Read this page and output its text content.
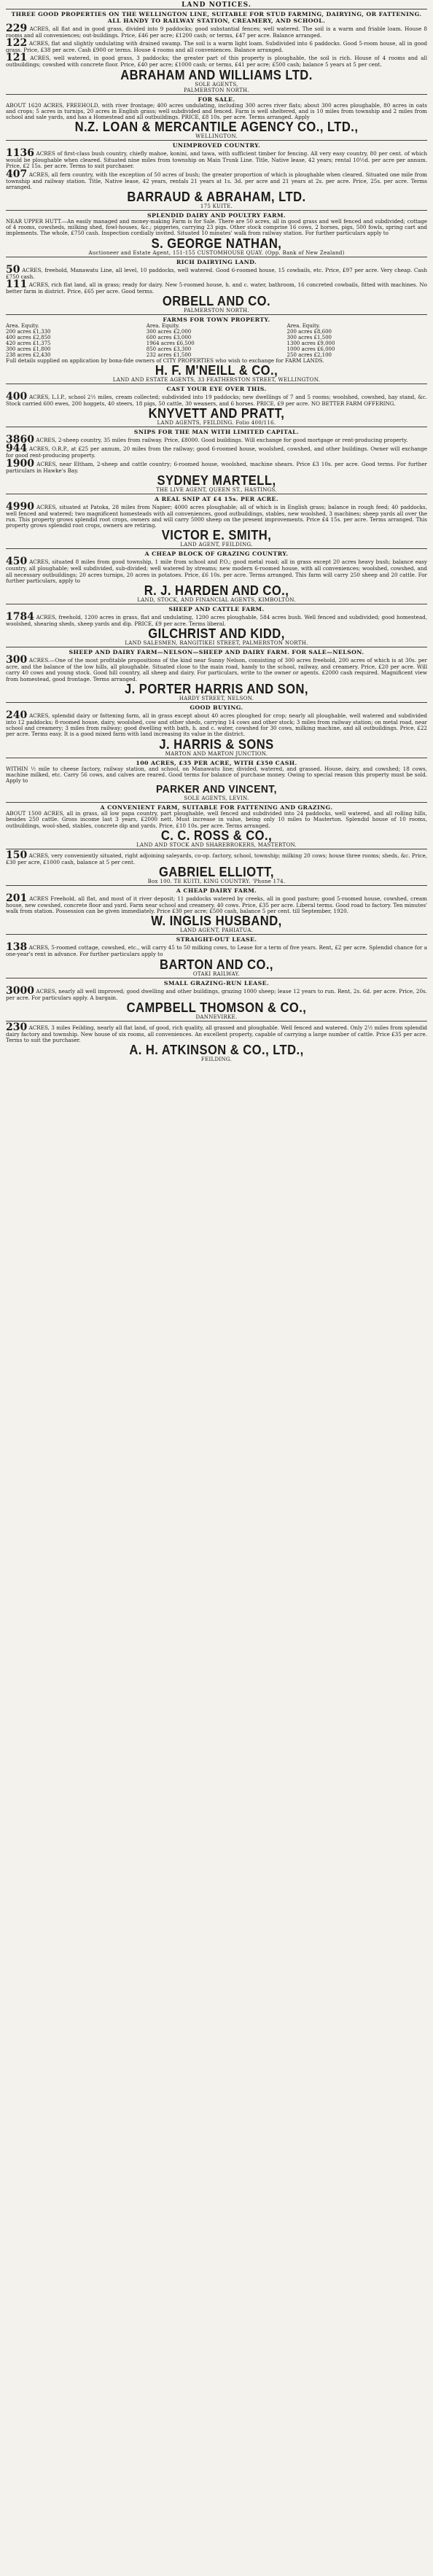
LAND NOTICES.
THREE GOOD PROPERTIES ON THE WELLINGTON LINE, SUITABLE FOR STUD FARMING, DAIRYING, OR FATTENING. ALL HANDY TO RAILWAY STATION, CREAMERY, AND SCHOOL.
229 ACRES, all flat and in good grass, divided into 9 paddocks; good substantial fences; well watered. The soil is a warm and friable loam. House 8 rooms and all conveniences; out-buildings. Price, £46 per acre; £1200 cash; or terms, £47 per acre. Balance arranged.
122 ACRES, flat and slightly undulating with drained swamp. The soil is a warm light loam. Subdivided into 6 paddocks. Good 5-room house, all in good grass. Price, £38 per acre. Cash £900 or terms. House 4 rooms and all conveniences. Balance arranged.
121 ACRES, well watered, in good grass, 3 paddocks; the greater part of this property is ploughable, the soil is rich. House of 4 rooms and all outbuildings; cowshed with concrete floor. Price, £40 per acre; £1000 cash; or terms, £41 per acre; £500 cash; balance 5 years at 5 per cent.
ABRAHAM AND WILLIAMS LTD.
SOLE AGENTS,
PALMERSTON NORTH.
FOR SALE.
ABOUT 1620 ACRES, FREEHOLD, with river frontage; 400 acres undulating, including 300 acres river flats; about 300 acres ploughable, 80 acres in oats and crops; 5 acres in turnips, 20 acres in English grass; well subdivided and fenced. Farm is well sheltered, and is 10 miles from township and 2 miles from school and sale yards, and has a Homestead and all outbuildings. PRICE, £8 10s. per acre. Terms arranged. Apply
N.Z. LOAN & MERCANTILE AGENCY CO., LTD.,
WELLINGTON.
UNIMPROVED COUNTRY.
1136 ACRES of first-class bush country, chiefly mahoe, konini, and tawa, with sufficient timber for fencing. All very easy country, 80 per cent. of which would be ploughable when cleared. Situated nine miles from township on Main Trunk Line. Title, Native lease, 42 years; rental 10½d. per acre per annum. Price, £2 15s. per acre. Terms to suit purchaser.
407 ACRES, all fern country, with the exception of 50 acres of bush; the greater proportion of which is ploughable when cleared. Situated one mile from township and railway station. Title, Native lease, 42 years, rentals 21 years at 1s. 3d. per acre and 21 years at 2s. per acre. Price, 25s. per acre. Terms arranged.
BARRAUD & ABRAHAM, LTD.
175 KUITE.
SPLENDID DAIRY AND POULTRY FARM.
NEAR UPPER HUTT.—An easily managed and money-making Farm is for Sale. There are 50 acres, all in good grass and well fenced and subdivided; cottage of 4 rooms, cowsheds, milking shed, fowl-houses, &c.; piggeries, carrying 23 pigs. Other stock comprise 16 cows, 2 horses, pigs, 500 fowls, spring cart and implements. The whole, £750 cash. Inspection cordially invited. Situated 10 minutes' walk from railway station. For further particulars apply to
S. GEORGE NATHAN,
Auctioneer and Estate Agent, 151-155 CUSTOMHOUSE QUAY. (Opp. Bank of New Zealand)
RICH DAIRYING LAND.
50 ACRES, freehold, Manawatu Line, all level, 10 paddocks, well watered. Good 6-roomed house, 15 cowbails, etc. Price, £97 per acre. Very cheap. Cash £750 cash.
111 ACRES, rich flat land, all in grass; ready for dairy. New 5-roomed house, h. and c. water, bathroom, 16 concreted cowbails, fitted with machines. No better farm in district. Price, £65 per acre. Good terms.
ORBELL AND CO.
PALMERSTON NORTH.
FARMS FOR TOWN PROPERTY.
Area. Equity.
200 acres £1,330
400 acres £2,850
420 acres £1,375
300 acres £1,800
238 acres £2,430
Area. Equity.
300 acres £2,000
600 acres £3,000
1964 acres £6,500
850 acres £3,300
232 acres £1,500
Area. Equity.
200 acres £8,600
300 acres £1,500
1300 acres £9,000
1000 acres £6,000
250 acres £2,100
Full details supplied on application by bona-fide owners of CITY PROPERTIES who wish to exchange for FARM LANDS.
H. F. M'NEILL & CO.,
LAND AND ESTATE AGENTS, 33 FEATHERSTON STREET, WELLINGTON.
CAST YOUR EYE OVER THIS.
400 ACRES, L.I.P., school 2½ miles, cream collected; subdivided into 19 paddocks; new dwellings of 7 and 5 rooms; woolshed, cowshed, hay stand, &c. Stock carried 600 ewes, 200 hoggets, 40 steers, 18 pigs, 50 cattle, 30 weaners, and 6 horses. PRICE, £9 per acre. NO BETTER FARM OFFERING.
KNYVETT AND PRATT,
LAND AGENTS, FEILDING. Folio 400/116.
SNIPS FOR THE MAN WITH LIMITED CAPITAL.
3860 ACRES, 2-sheep country, 35 miles from railway. Price, £8000. Good buildings. Will exchange for good mortgage or rent-producing property.
944 ACRES, O.R.P., at £25 per annum, 20 miles from the railway; good 6-roomed house, woolshed, cowshed, and other buildings. Owner will exchange for good rent-producing property.
1900 ACRES, near Eltham, 2-sheep and cattle country; 6-roomed house, woolshed, machine shears. Price £3 10s. per acre. Good terms. For further particulars in Hawke's Bay.
SYDNEY MARTELL,
THE LIVE AGENT, QUEEN ST., HASTINGS.
A REAL SNIP AT £4 15s. PER ACRE.
4990 ACRES, situated at Patoka, 28 miles from Napier; 4000 acres ploughable; all of which is in English grass; balance in rough feed; 40 paddocks, well fenced and watered; two magnificent homesteads with all conveniences, good outbuildings, stables, new woolshed, 3 machines; sheep yards all over the run. This property grows splendid root crops, owners and will carry 5000 sheep on the present improvements. Price £4 15s. per acre. Terms arranged. This property grows splendid root crops, owners are retiring.
VICTOR E. SMITH,
LAND AGENT, FEILDING.
A CHEAP BLOCK OF GRAZING COUNTRY.
450 ACRES, situated 8 miles from good township, 1 mile from school and P.O.; good metal road; all in grass except 20 acres heavy bush; balance easy country, all ploughable; well subdivided, sub-divided; well watered by streams; new modern 6-roomed house, with all conveniences; woolshed, cowshed, and all necessary outbuildings; 20 acres turnips, 20 acres in potatoes. Price, £6 10s. per acre. Terms arranged. This farm will carry 250 sheep and 20 cattle. For further particulars, apply to
R. J. HARDEN AND CO.,
LAND, STOCK, AND FINANCIAL AGENTS, KIMBOLTON.
SHEEP AND CATTLE FARM.
1784 ACRES, freehold, 1200 acres in grass, flat and undulating, 1200 acres ploughable, 584 acres bush. Well fenced and subdivided; good homestead, woolshed, shearing sheds, sheep yards and dip. PRICE, £9 per acre. Terms liberal.
GILCHRIST AND KIDD,
LAND SALESMEN, RANGITIKEI STREET, PALMERSTON NORTH.
SHEEP AND DAIRY FARM—NELSON—SHEEP AND DAIRY FARM. FOR SALE—NELSON.
300 ACRES.—One of the most profitable propositions of the kind near Sunny Nelson, consisting of 300 acres freehold, 200 acres of which is at 30s. per acre, and the balance of the low hills, all ploughable. Situated close to the main road, handy to the school, railway, and creamery. Price, £20 per acre. Will carry 40 cows and young stock. Good hill country, all sheep and dairy. For particulars, write to the owner or agents. £2000 cash required. Magnificent view from homestead, good frontage. Terms arranged.
J. PORTER HARRIS AND SON,
HARDY STREET, NELSON.
GOOD BUYING.
240 ACRES, splendid dairy or fattening farm, all in grass except about 40 acres ploughed for crop; nearly all ploughable, well watered and subdivided into 12 paddocks; 8-roomed house, dairy, woolshed, cow and other sheds, carrying 14 cows and other stock; 3 miles from railway station; on metal road, near school and creamery; 3 miles from railway; good dwelling with bath, h. and c. water, cowshed for 30 cows, milking machine, and all outbuildings. Price, £22 per acre. Terms easy. It is a good mixed farm with land increasing its value in the district.
J. HARRIS & SONS
MARTON AND MARTON JUNCTION.
100 ACRES, £35 PER ACRE, WITH £350 CASH.
WITHIN ½ mile to cheese factory, railway station, and school, on Manawatu line; divided, watered, and grassed. House, dairy, and cowshed; 18 cows, machine milked, etc. Carry 56 cows, and calves are reared. Good terms for balance of purchase money. Owing to special reason this property must be sold. Apply to
PARKER AND VINCENT,
SOLE AGENTS, LEVIN.
A CONVENIENT FARM, SUITABLE FOR FATTENING AND GRAZING.
ABOUT 1500 ACRES, all in grass, all low papa country, part ploughable, well fenced and subdivided into 24 paddocks, well watered, and all rolling hills, besides 250 cattle. Gross income last 3 years, £2000 nett. Must increase in value, being only 10 miles to Masterton. Splendid house of 10 rooms, outbuildings, wool-shed, stables, concrete dip and yards. Price, £10 10s. per acre. Terms arranged.
C. C. ROSS & CO.,
LAND AND STOCK AND SHAREBROKERS, MASTERTON.
150 ACRES, very conveniently situated, right adjoining saleyards, co-op. factory, school, township; milking 20 cows; house three rooms; sheds, &c. Price, £30 per acre, £1000 cash, balance at 5 per cent.
GABRIEL ELLIOTT,
Box 100. TE KUITI, KING COUNTRY. 'Phone 174.
A CHEAP DAIRY FARM.
201 ACRES Freehold, all flat, and most of it river deposit; 11 paddocks watered by creeks, all in good pasture; good 5-roomed house, cowshed, cream house, new cowshed, concrete floor and yard. Farm near school and creamery. 40 cows. Price, £35 per acre. Liberal terms. Good road to factory. Ten minutes' walk from station. Possession can be given immediately. Price £30 per acre; £500 cash, balance 5 per cent. till September, 1920.
W. INGLIS HUSBAND,
LAND AGENT, PAHIATUA.
STRAIGHT-OUT LEASE.
138 ACRES, 5-roomed cottage, cowshed, etc., will carry 45 to 50 milking cows, to Lease for a term of five years. Rent, £2 per acre. Splendid chance for a one-year's rent in advance. For further particulars apply to
BARTON AND CO.,
OTAKI RAILWAY.
SMALL GRAZING-RUN LEASE.
3000 ACRES, nearly all well improved; good dwelling and other buildings, grazing 1000 sheep; lease 12 years to run. Rent, 2s. 6d. per acre. Price, 20s. per acre. For particulars apply. A bargain.
CAMPBELL THOMSON & CO.,
DANNEVIRKE.
230 ACRES, 3 miles Feilding, nearly all flat land, of good, rich quality, all grassed and ploughable. Well fenced and watered. Only 2½ miles from splendid dairy factory and township. New house of six rooms, all conveniences. An excellent property, capable of carrying a large number of cattle. Price £35 per acre. Terms to suit the purchaser.
A. H. ATKINSON & CO., LTD.,
FEILDING.
